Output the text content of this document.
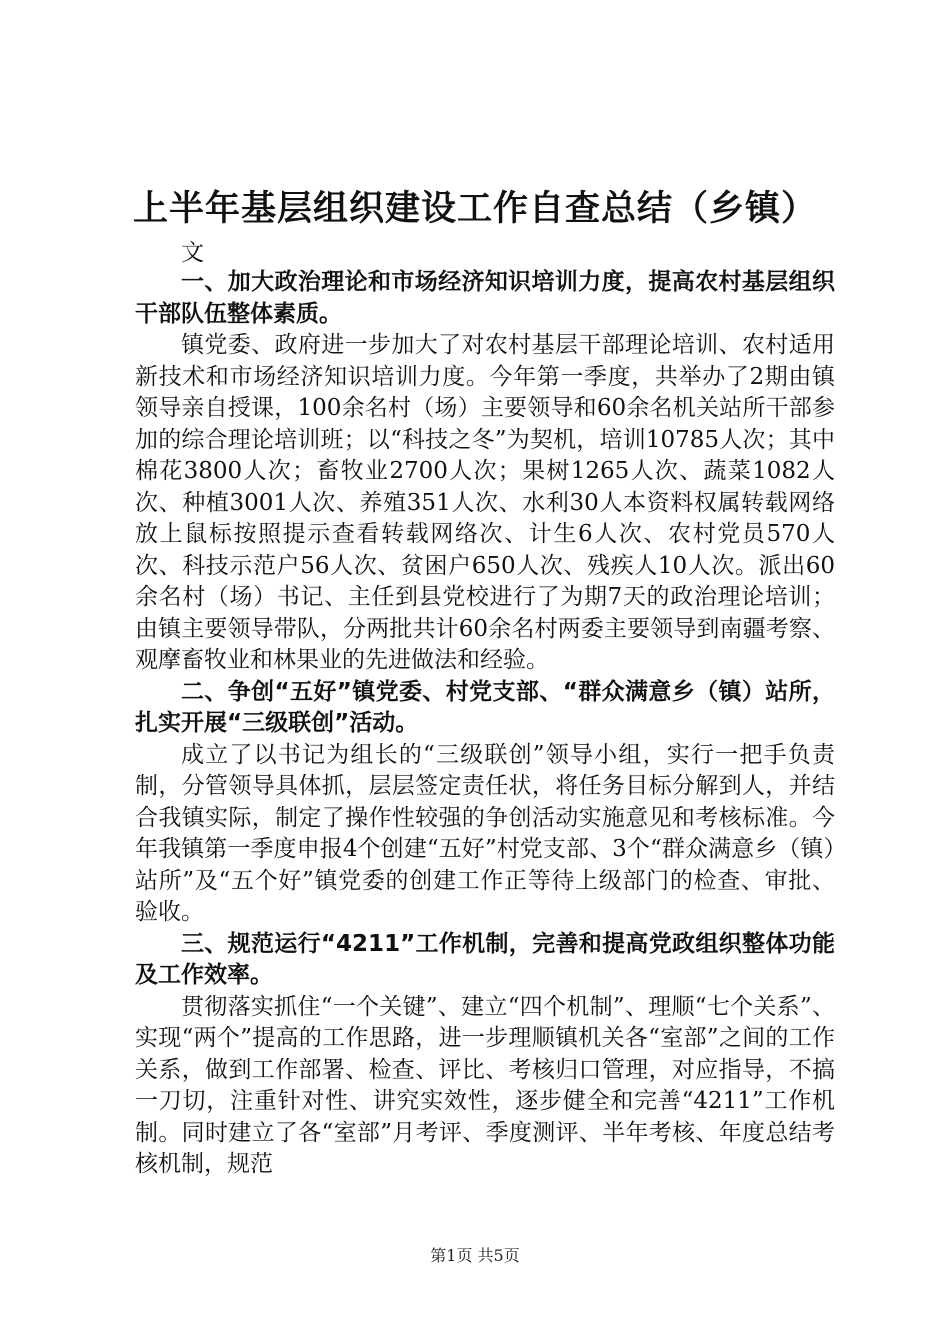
上半年基层组织建设工作自查总结（乡镇）
文

一、加大政治理论和市场经济知识培训力度，提高农村基层组织干部队伍整体素质。

镇党委、政府进一步加大了对农村基层干部理论培训、农村适用新技术和市场经济知识培训力度。今年第一季度，共举办了2期由镇领导亲自授课，100余名村（场）主要领导和60余名机关站所干部参加的综合理论培训班；以“科技之冬”为契机，培训10785人次；其中棉花3800人次；畜牧业2700人次；果树1265人次、蔬菜1082人次、种植3001人次、养殖351人次、水利30人本资料权属转载网络放上鼠标按照提示查看转载网络次、计生6人次、农村党员570人次、科技示范户56人次、贫困户650人次、残疾人10人次。派出60余名村（场）书记、主任到县党校进行了为期7天的政治理论培训；由镇主要领导带队，分两批共计60余名村两委主要领导到南疆考察、观摩畜牧业和林果业的先进做法和经验。

二、争创“五好”镇党委、村党支部、“群众满意乡（镇）站所，扎实开展“三级联创”活动。

成立了以书记为组长的“三级联创”领导小组，实行一把手负责制，分管领导具体抓，层层签定责任状，将任务目标分解到人，并结合我镇实际，制定了操作性较强的争创活动实施意见和考核标准。今年我镇第一季度申报4个创建“五好”村党支部、3个“群众满意乡（镇）站所”及“五个好”镇党委的创建工作正等待上级部门的检查、审批、验收。

三、规范运行“4211”工作机制，完善和提高党政组织整体功能及工作效率。

贯彻落实抓住“一个关键”、建立“四个机制”、理顺“七个关系”、实现“两个”提高的工作思路，进一步理顺镇机关各“室部”之间的工作关系，做到工作部署、检查、评比、考核归口管理，对应指导，不搞一刀切，注重针对性、讲究实效性，逐步健全和完善“4211”工作机制。同时建立了各“室部”月考评、季度测评、半年考核、年度总结考核机制，规范

第1页 共5页
